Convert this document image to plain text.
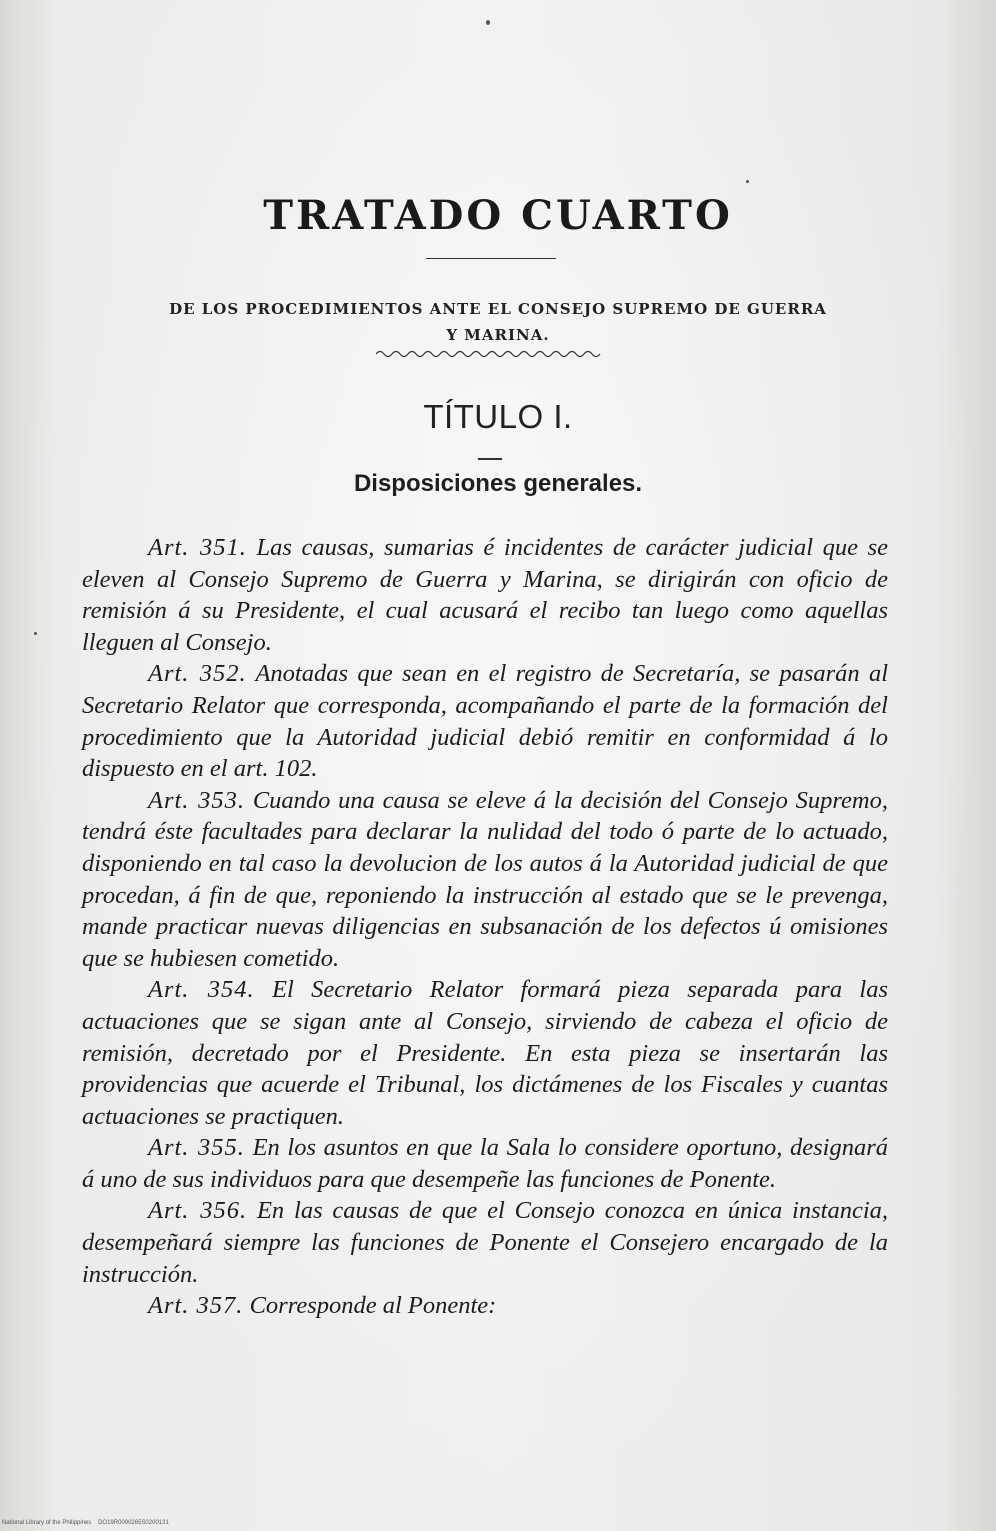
TRATADO CUARTO
DE LOS PROCEDIMIENTOS ANTE EL CONSEJO SUPREMO DE GUERRA
Y MARINA.
TÍTULO I.
Disposiciones generales.

Art. 351. Las causas, sumarias é incidentes de carácter judicial que se eleven al Consejo Supremo de Guerra y Marina, se dirigirán con oficio de remisión á su Presidente, el cual acusará el recibo tan luego como aquellas lleguen al Consejo.

Art. 352. Anotadas que sean en el registro de Secretaría, se pasarán al Secretario Relator que corresponda, acompañando el parte de la formación del procedimiento que la Autoridad judicial debió remitir en conformidad á lo dispuesto en el art. 102.

Art. 353. Cuando una causa se eleve á la decisión del Consejo Supremo, tendrá éste facultades para declarar la nulidad del todo ó parte de lo actuado, disponiendo en tal caso la devolucion de los autos á la Autoridad judicial de que procedan, á fin de que, reponiendo la instrucción al estado que se le prevenga, mande practicar nuevas diligencias en subsanación de los defectos ú omisiones que se hubiesen cometido.

Art. 354. El Secretario Relator formará pieza separada para las actuaciones que se sigan ante al Consejo, sirviendo de cabeza el oficio de remisión, decretado por el Presidente. En esta pieza se insertarán las providencias que acuerde el Tribunal, los dictámenes de los Fiscales y cuantas actuaciones se practiquen.

Art. 355. En los asuntos en que la Sala lo considere oportuno, designará á uno de sus individuos para que desempeñe las funciones de Ponente.

Art. 356. En las causas de que el Consejo conozca en única instancia, desempeñará siempre las funciones de Ponente el Consejero encargado de la instrucción.

Art. 357. Corresponde al Ponente:

National Library of the Philippines DO19R0000265S0200131
